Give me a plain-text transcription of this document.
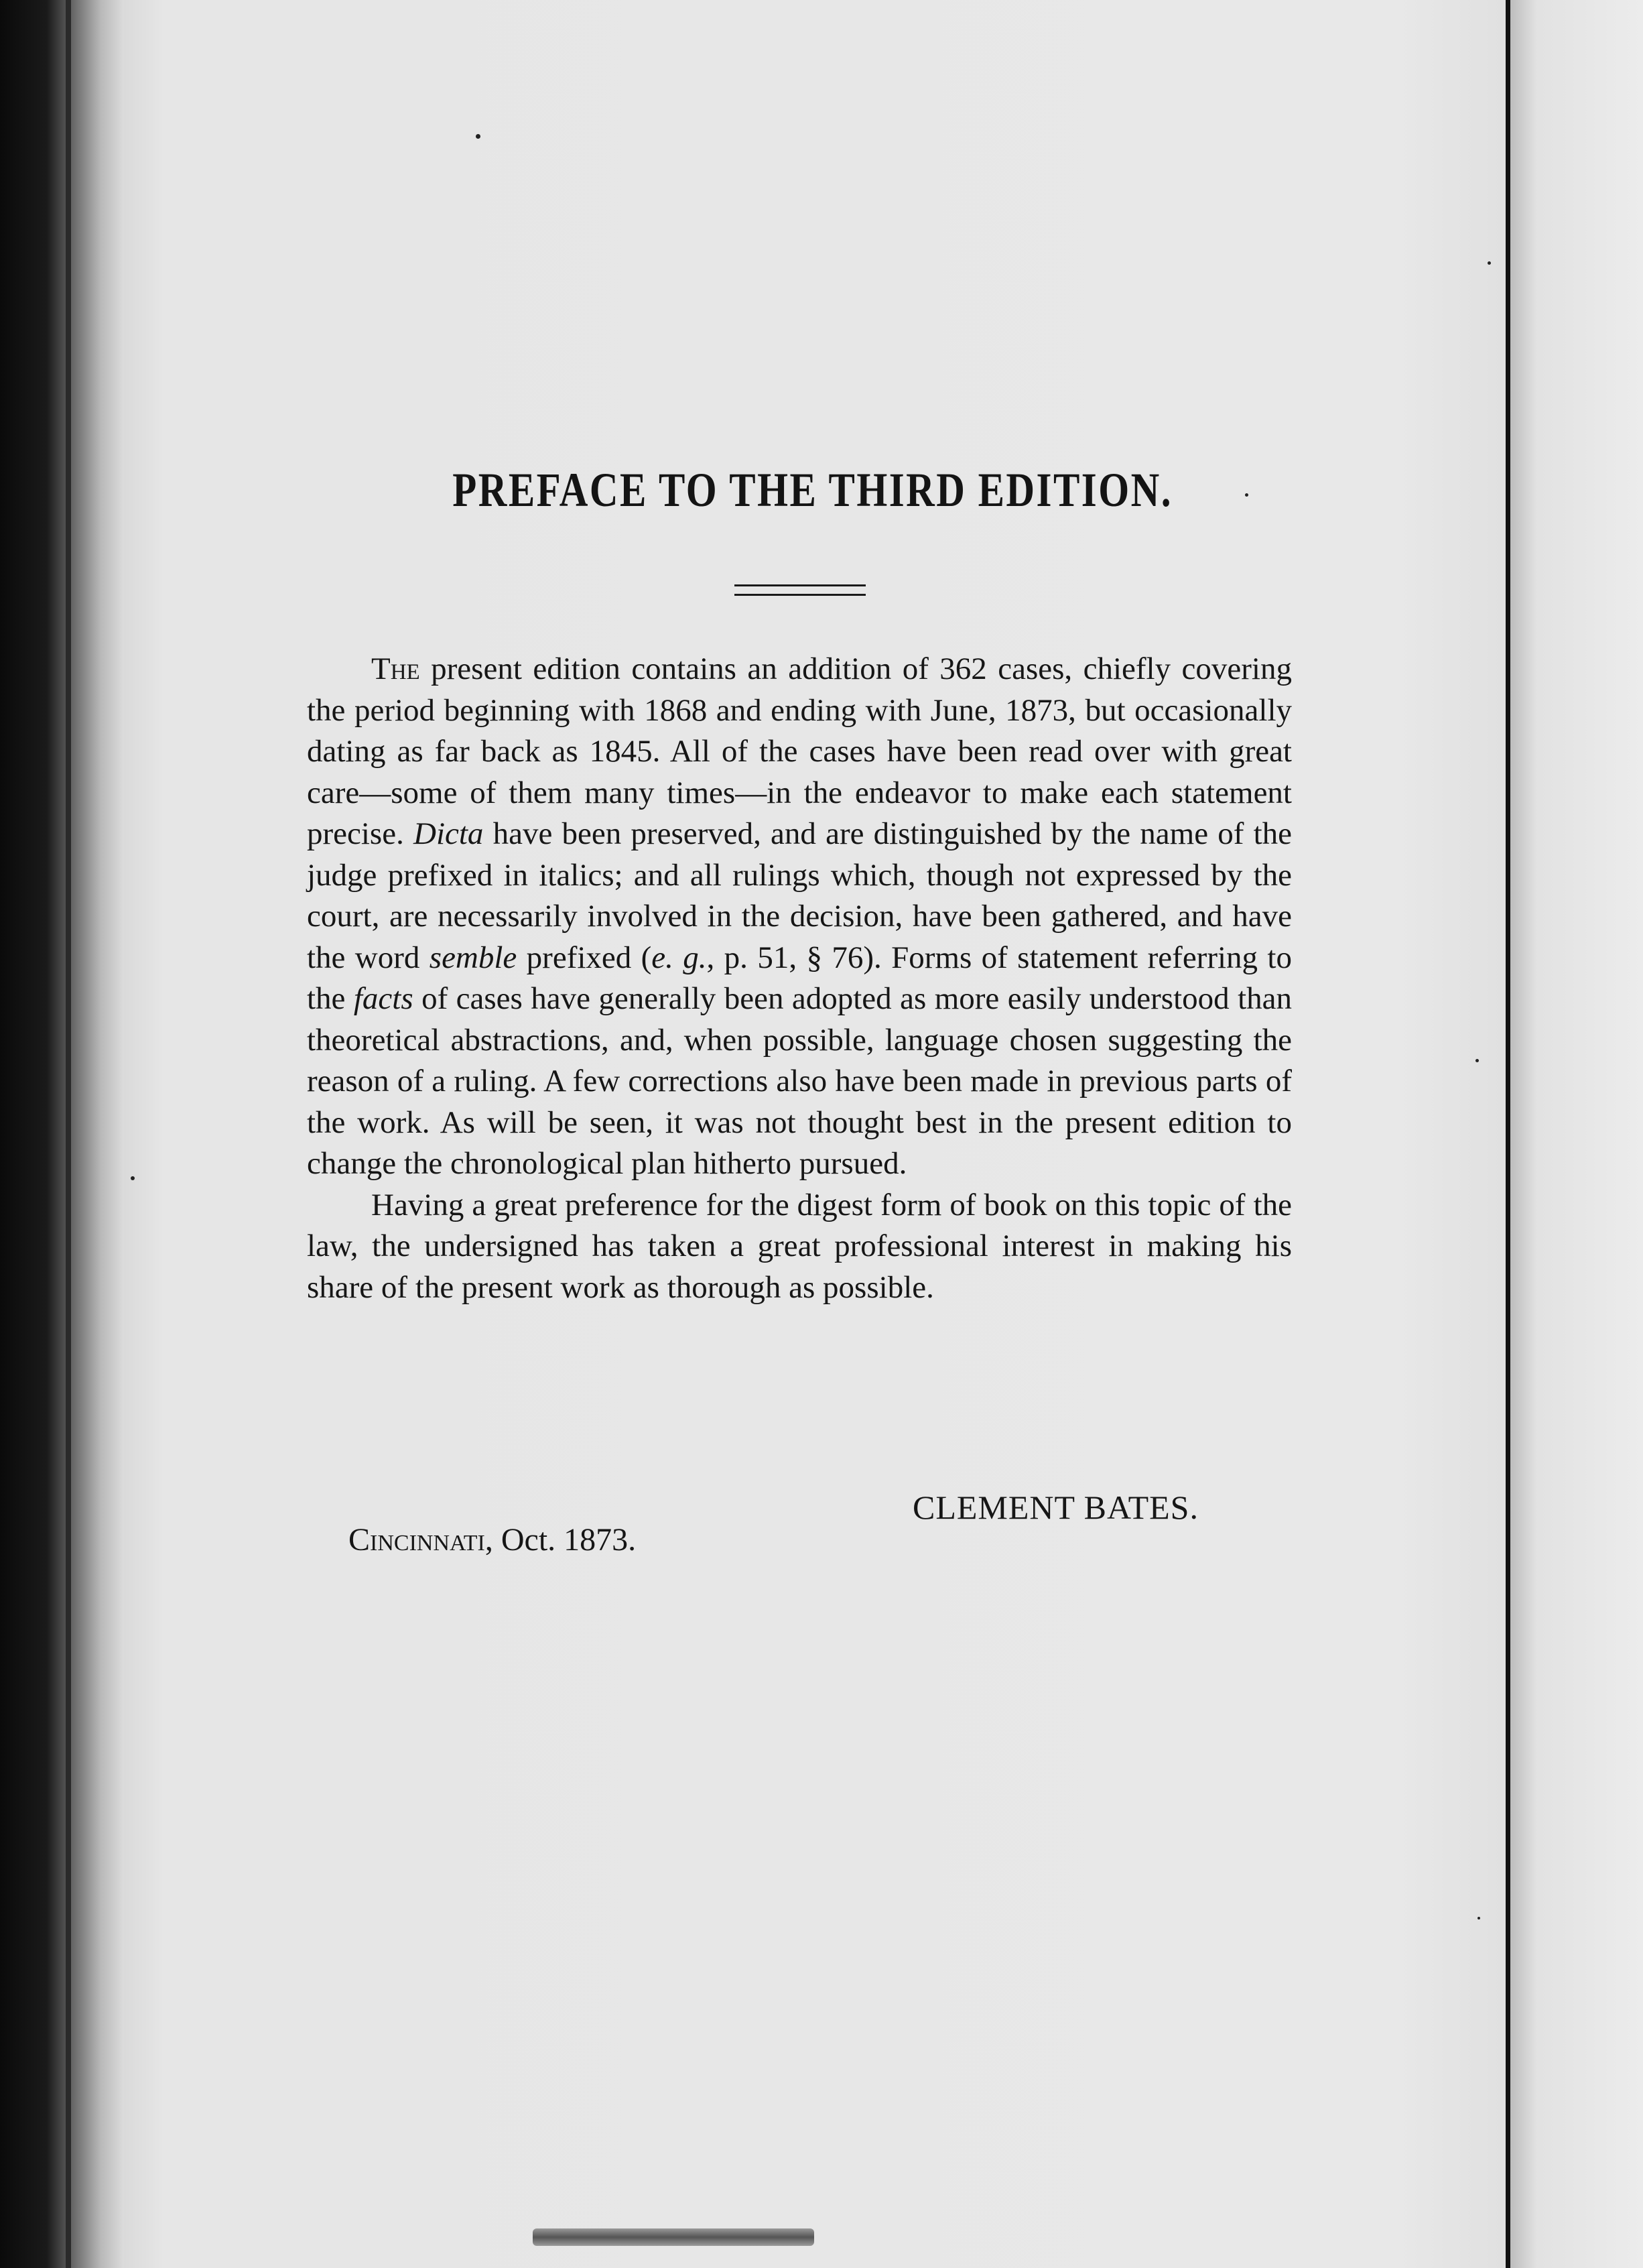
PREFACE TO THE THIRD EDITION.

The present edition contains an addition of 362 cases, chiefly covering the period beginning with 1868 and ending with June, 1873, but occasionally dating as far back as 1845. All of the cases have been read over with great care—some of them many times—in the endeavor to make each statement precise. Dicta have been preserved, and are distinguished by the name of the judge prefixed in italics; and all rulings which, though not expressed by the court, are necessarily involved in the decision, have been gathered, and have the word semble prefixed (e. g., p. 51, § 76). Forms of statement referring to the facts of cases have generally been adopted as more easily understood than theoretical abstractions, and, when possible, language chosen suggesting the reason of a ruling. A few corrections also have been made in previous parts of the work. As will be seen, it was not thought best in the present edition to change the chronological plan hitherto pursued.

Having a great preference for the digest form of book on this topic of the law, the undersigned has taken a great professional interest in making his share of the present work as thorough as possible.

CLEMENT BATES.
Cincinnati, Oct. 1873.
